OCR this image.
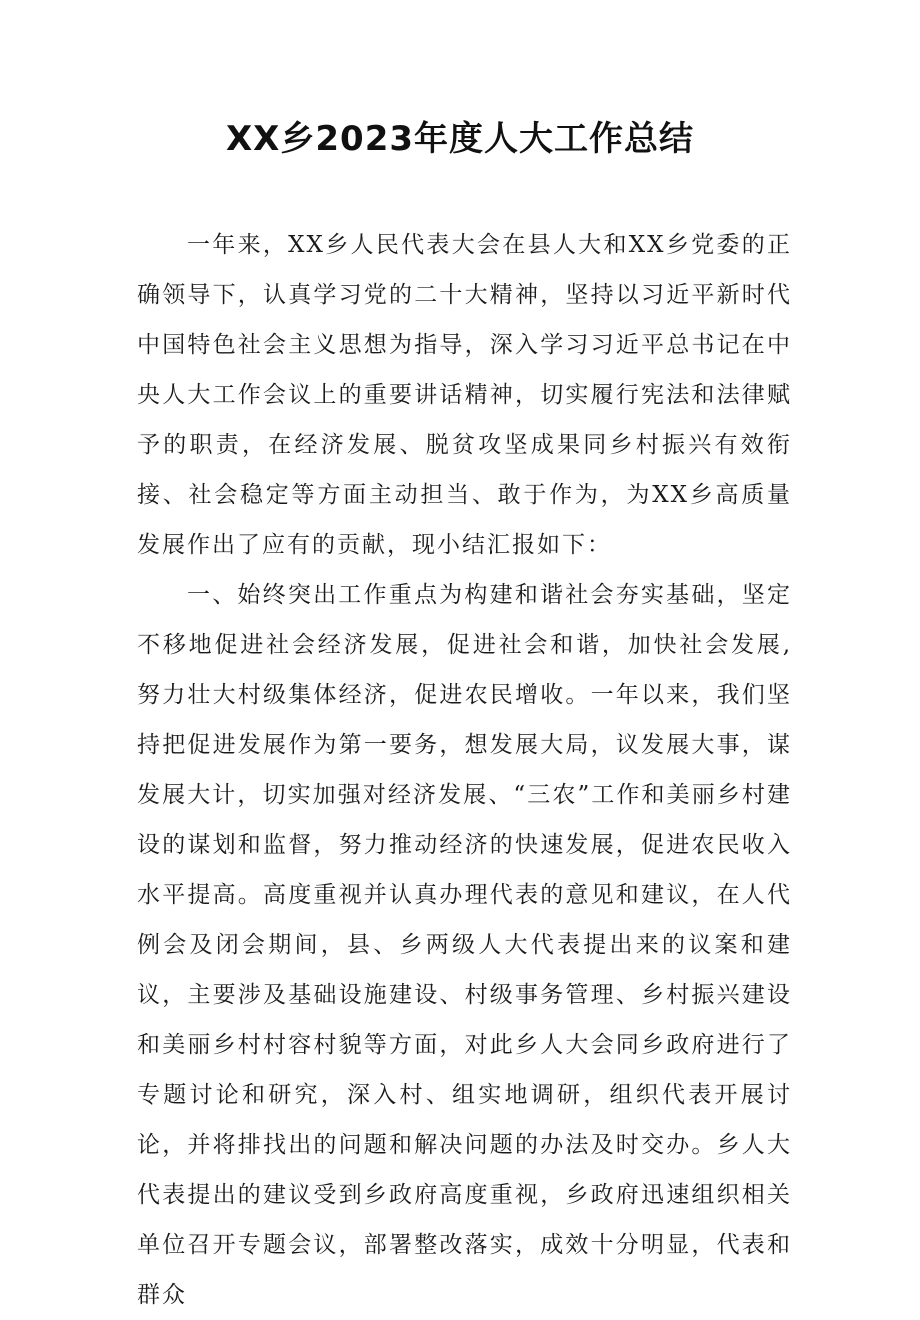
XX乡2023年度人大工作总结

一年来，XX乡人民代表大会在县人大和XX乡党委的正确领导下，认真学习党的二十大精神，坚持以习近平新时代中国特色社会主义思想为指导，深入学习习近平总书记在中央人大工作会议上的重要讲话精神，切实履行宪法和法律赋予的职责，在经济发展、脱贫攻坚成果同乡村振兴有效衔接、社会稳定等方面主动担当、敢于作为，为XX乡高质量发展作出了应有的贡献，现小结汇报如下：

一、始终突出工作重点为构建和谐社会夯实基础，坚定不移地促进社会经济发展，促进社会和谐，加快社会发展,努力壮大村级集体经济，促进农民增收。一年以来，我们坚持把促进发展作为第一要务，想发展大局，议发展大事，谋发展大计，切实加强对经济发展、“三农”工作和美丽乡村建设的谋划和监督，努力推动经济的快速发展，促进农民收入水平提高。高度重视并认真办理代表的意见和建议，在人代例会及闭会期间，县、乡两级人大代表提出来的议案和建议，主要涉及基础设施建设、村级事务管理、乡村振兴建设和美丽乡村村容村貌等方面，对此乡人大会同乡政府进行了专题讨论和研究，深入村、组实地调研，组织代表开展讨论，并将排找出的问题和解决问题的办法及时交办。乡人大代表提出的建议受到乡政府高度重视，乡政府迅速组织相关单位召开专题会议，部署整改落实，成效十分明显，代表和群众
